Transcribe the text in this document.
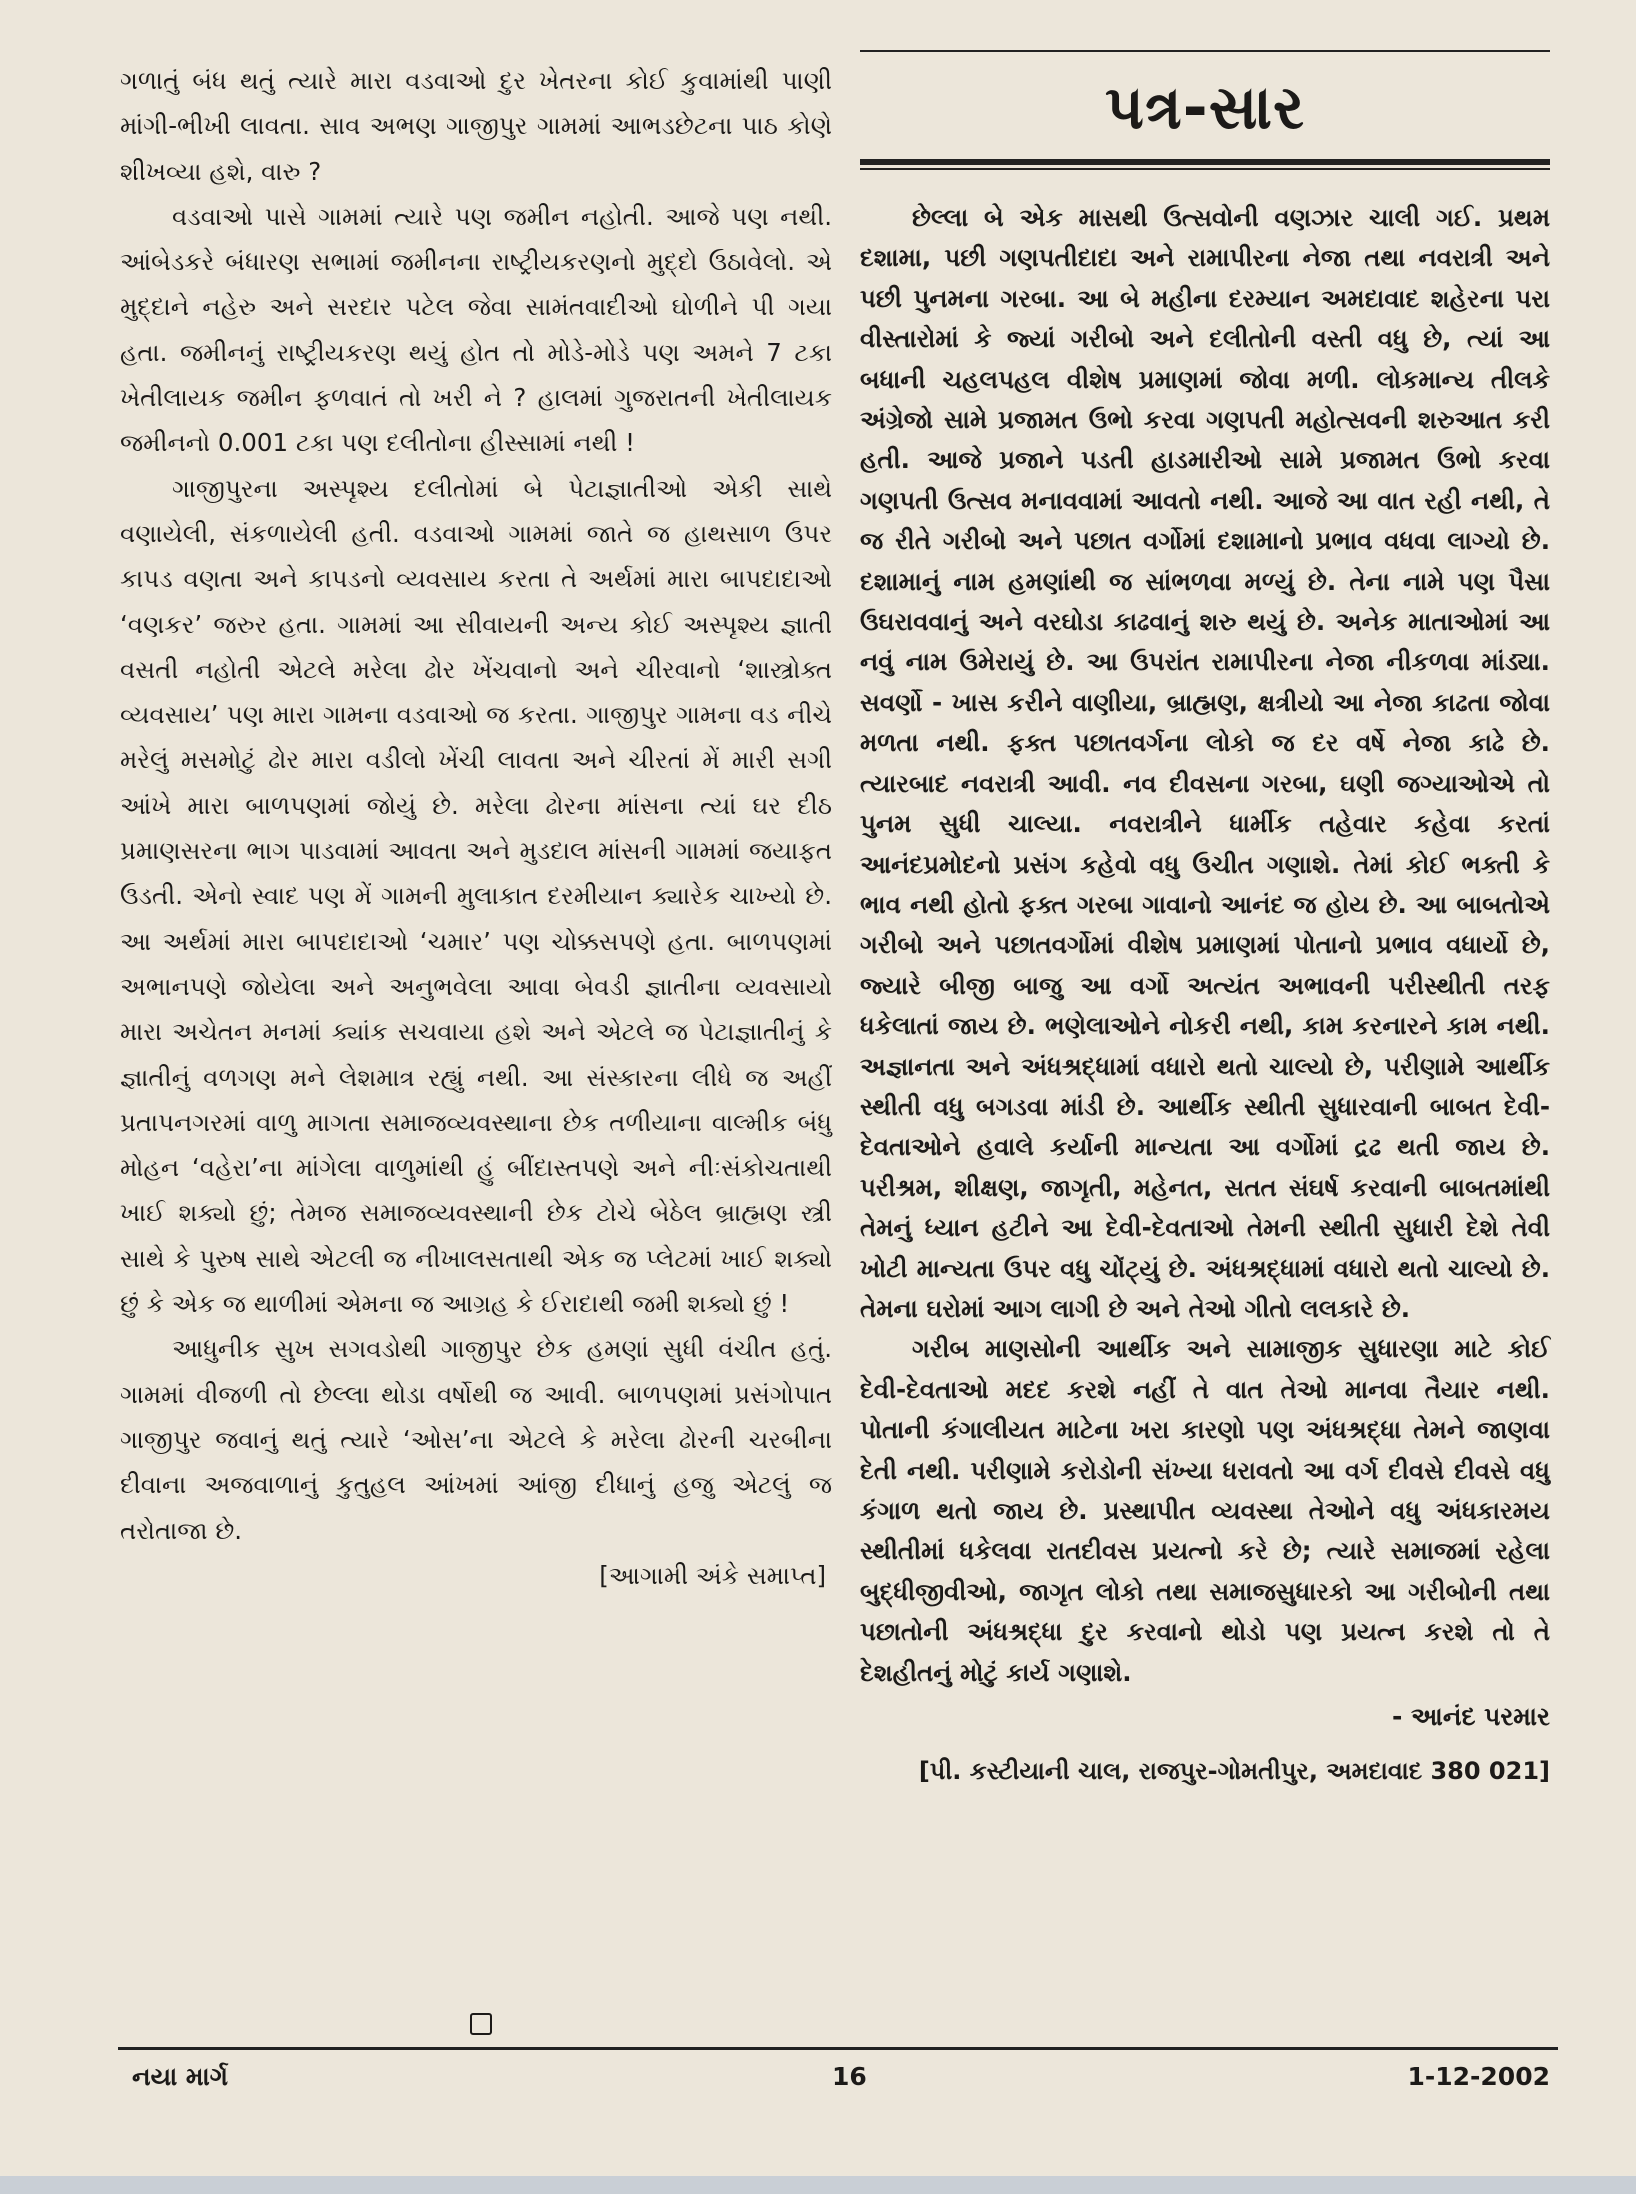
ગળાતું બંધ થતું ત્યારે મારા વડવાઓ દુર ખેતરના કોઈ કુવામાંથી પાણી માંગી-ભીખી લાવતા. સાવ અભણ ગાજીપુર ગામમાં આભડછેટના પાઠ કોણે શીખવ્યા હશે, વારુ ?

વડવાઓ પાસે ગામમાં ત્યારે પણ જમીન નહોતી. આજે પણ નથી. આંબેડકરે બંધારણ સભામાં જમીનના રાષ્ટ્રીયકરણનો મુદ્દો ઉઠાવેલો. એ મુદ્દાને નહેરુ અને સરદાર પટેલ જેવા સામંતવાદીઓ ઘોળીને પી ગયા હતા. જમીનનું રાષ્ટ્રીયકરણ થયું હોત તો મોડે-મોડે પણ અમને 7 ટકા ખેતીલાયક જમીન ફળવાતં તો ખરી ને ? હાલમાં ગુજરાતની ખેતીલાયક જમીનનો 0.001 ટકા પણ દલીતોના હીસ્સામાં નથી !

ગાજીપુરના અસ્પૃશ્ય દલીતોમાં બે પેટાજ્ઞાતીઓ એકી સાથે વણાયેલી, સંકળાયેલી હતી. વડવાઓ ગામમાં જાતે જ હાથસાળ ઉપર કાપડ વણતા અને કાપડનો વ્યવસાય કરતા તે અર્થમાં મારા બાપદાદાઓ ‘વણકર’ જરુર હતા. ગામમાં આ સીવાયની અન્ય કોઈ અસ્પૃશ્ય જ્ઞાતી વસતી નહોતી એટલે મરેલા ઢોર ખેંચવાનો અને ચીરવાનો ‘શાસ્ત્રોક્ત વ્યવસાય’ પણ મારા ગામના વડવાઓ જ કરતા. ગાજીપુર ગામના વડ નીચે મરેલું મસમોટું ઢોર મારા વડીલો ખેંચી લાવતા અને ચીરતાં મેં મારી સગી આંખે મારા બાળપણમાં જોયું છે. મરેલા ઢોરના માંસના ત્યાં ઘર દીઠ પ્રમાણસરના ભાગ પાડવામાં આવતા અને મુડદાલ માંસની ગામમાં જયાફત ઉડતી. એનો સ્વાદ પણ મેં ગામની મુલાકાત દરમીયાન ક્યારેક ચાખ્યો છે. આ અર્થમાં મારા બાપદાદાઓ ‘ચમાર’ પણ ચોક્કસપણે હતા. બાળપણમાં અભાનપણે જોયેલા અને અનુભવેલા આવા બેવડી જ્ઞાતીના વ્યવસાયો મારા અચેતન મનમાં ક્યાંક સચવાયા હશે અને એટલે જ પેટાજ્ઞાતીનું કે જ્ઞાતીનું વળગણ મને લેશમાત્ર રહ્યું નથી. આ સંસ્કારના લીધે જ અહીં પ્રતાપનગરમાં વાળુ માગતા સમાજવ્યવસ્થાના છેક તળીયાના વાલ્મીક બંધુ મોહન ‘વહેરા’ના માંગેલા વાળુમાંથી હું બીંદાસ્તપણે અને નીઃસંકોચતાથી ખાઈ શક્યો છું; તેમજ સમાજવ્યવસ્થાની છેક ટોચે બેઠેલ બ્રાહ્મણ સ્ત્રી સાથે કે પુરુષ સાથે એટલી જ નીખાલસતાથી એક જ પ્લેટમાં ખાઈ શક્યો છું કે એક જ થાળીમાં એમના જ આગ્રહ કે ઈરાદાથી જમી શક્યો છું !

આધુનીક સુખ સગવડોથી ગાજીપુર છેક હમણાં સુધી વંચીત હતું. ગામમાં વીજળી તો છેલ્લા થોડા વર્ષોથી જ આવી. બાળપણમાં પ્રસંગોપાત ગાજીપુર જવાનું થતું ત્યારે ‘ઓસ’ના એટલે કે મરેલા ઢોરની ચરબીના દીવાના અજવાળાનું કુતુહલ આંખમાં આંજી દીધાનું હજુ એટલું જ તરોતાજા છે.

[આગામી અંકે સમાપ્ત]

પત્ર-સાર

છેલ્લા બે એક માસથી ઉત્સવોની વણઝાર ચાલી ગઈ. પ્રથમ દશામા, પછી ગણપતીદાદા અને રામાપીરના નેજા તથા નવરાત્રી અને પછી પુનમના ગરબા. આ બે મહીના દરમ્યાન અમદાવાદ શહેરના પરા વીસ્તારોમાં કે જ્યાં ગરીબો અને દલીતોની વસ્તી વધુ છે, ત્યાં આ બધાની ચહલપહલ વીશેષ પ્રમાણમાં જોવા મળી. લોકમાન્ય તીલકે અંગ્રેજો સામે પ્રજામત ઉભો કરવા ગણપતી મહોત્સવની શરુઆત કરી હતી. આજે પ્રજાને પડતી હાડમારીઓ સામે પ્રજામત ઉભો કરવા ગણપતી ઉત્સવ મનાવવામાં આવતો નથી. આજે આ વાત રહી નથી, તે જ રીતે ગરીબો અને પછાત વર્ગોમાં દશામાનો પ્રભાવ વધવા લાગ્યો છે. દશામાનું નામ હમણાંથી જ સાંભળવા મળ્યું છે. તેના નામે પણ પૈસા ઉઘરાવવાનું અને વરઘોડા કાઢવાનું શરુ થયું છે. અનેક માતાઓમાં આ નવું નામ ઉમેરાયું છે. આ ઉપરાંત રામાપીરના નેજા નીકળવા માંડ્યા. સવર્ણો - ખાસ કરીને વાણીયા, બ્રાહ્મણ, ક્ષત્રીયો આ નેજા કાઢતા જોવા મળતા નથી. ફક્ત પછાતવર્ગના લોકો જ દર વર્ષે નેજા કાઢે છે. ત્યારબાદ નવરાત્રી આવી. નવ દીવસના ગરબા, ઘણી જગ્યાઓએ તો પુનમ સુધી ચાલ્યા. નવરાત્રીને ધાર્મીક તહેવાર કહેવા કરતાં આનંદપ્રમોદનો પ્રસંગ કહેવો વધુ ઉચીત ગણાશે. તેમાં કોઈ ભક્તી કે ભાવ નથી હોતો ફક્ત ગરબા ગાવાનો આનંદ જ હોય છે. આ બાબતોએ ગરીબો અને પછાતવર્ગોમાં વીશેષ પ્રમાણમાં પોતાનો પ્રભાવ વધાર્યો છે, જ્યારે બીજી બાજુ આ વર્ગો અત્યંત અભાવની પરીસ્થીતી તરફ ધકેલાતાં જાય છે. ભણેલાઓને નોકરી નથી, કામ કરનારને કામ નથી. અજ્ઞાનતા અને અંધશ્રદ્ધામાં વધારો થતો ચાલ્યો છે, પરીણામે આર્થીક સ્થીતી વધુ બગડવા માંડી છે. આર્થીક સ્થીતી સુધારવાની બાબત દેવી-દેવતાઓને હવાલે કર્યાની માન્યતા આ વર્ગોમાં દ્રઢ થતી જાય છે. પરીશ્રમ, શીક્ષણ, જાગૃતી, મહેનત, સતત સંઘર્ષ કરવાની બાબતમાંથી તેમનું ધ્યાન હટીને આ દેવી-દેવતાઓ તેમની સ્થીતી સુધારી દેશે તેવી ખોટી માન્યતા ઉપર વધુ ચોંટ્યું છે. અંધશ્રદ્ધામાં વધારો થતો ચાલ્યો છે. તેમના ઘરોમાં આગ લાગી છે અને તેઓ ગીતો લલકારે છે.

ગરીબ માણસોની આર્થીક અને સામાજીક સુધારણા માટે કોઈ દેવી-દેવતાઓ મદદ કરશે નહીં તે વાત તેઓ માનવા તૈયાર નથી. પોતાની કંગાલીયત માટેના ખરા કારણો પણ અંધશ્રદ્ધા તેમને જાણવા દેતી નથી. પરીણામે કરોડોની સંખ્યા ધરાવતો આ વર્ગ દીવસે દીવસે વધુ કંગાળ થતો જાય છે. પ્રસ્થાપીત વ્યવસ્થા તેઓને વધુ અંધકારમય સ્થીતીમાં ધકેલવા રાતદીવસ પ્રયત્નો કરે છે; ત્યારે સમાજમાં રહેલા બુદ્ધીજીવીઓ, જાગૃત લોકો તથા સમાજસુધારકો આ ગરીબોની તથા પછાતોની અંધશ્રદ્ધા દુર કરવાનો થોડો પણ પ્રયત્ન કરશે તો તે દેશહીતનું મોટું કાર્ય ગણાશે.

- આનંદ પરમાર
[પી. કસ્ટીયાની ચાલ, રાજપુર-ગોમતીપુર, અમદાવાદ 380 021]
નયા માર્ગ	16	1-12-2002
